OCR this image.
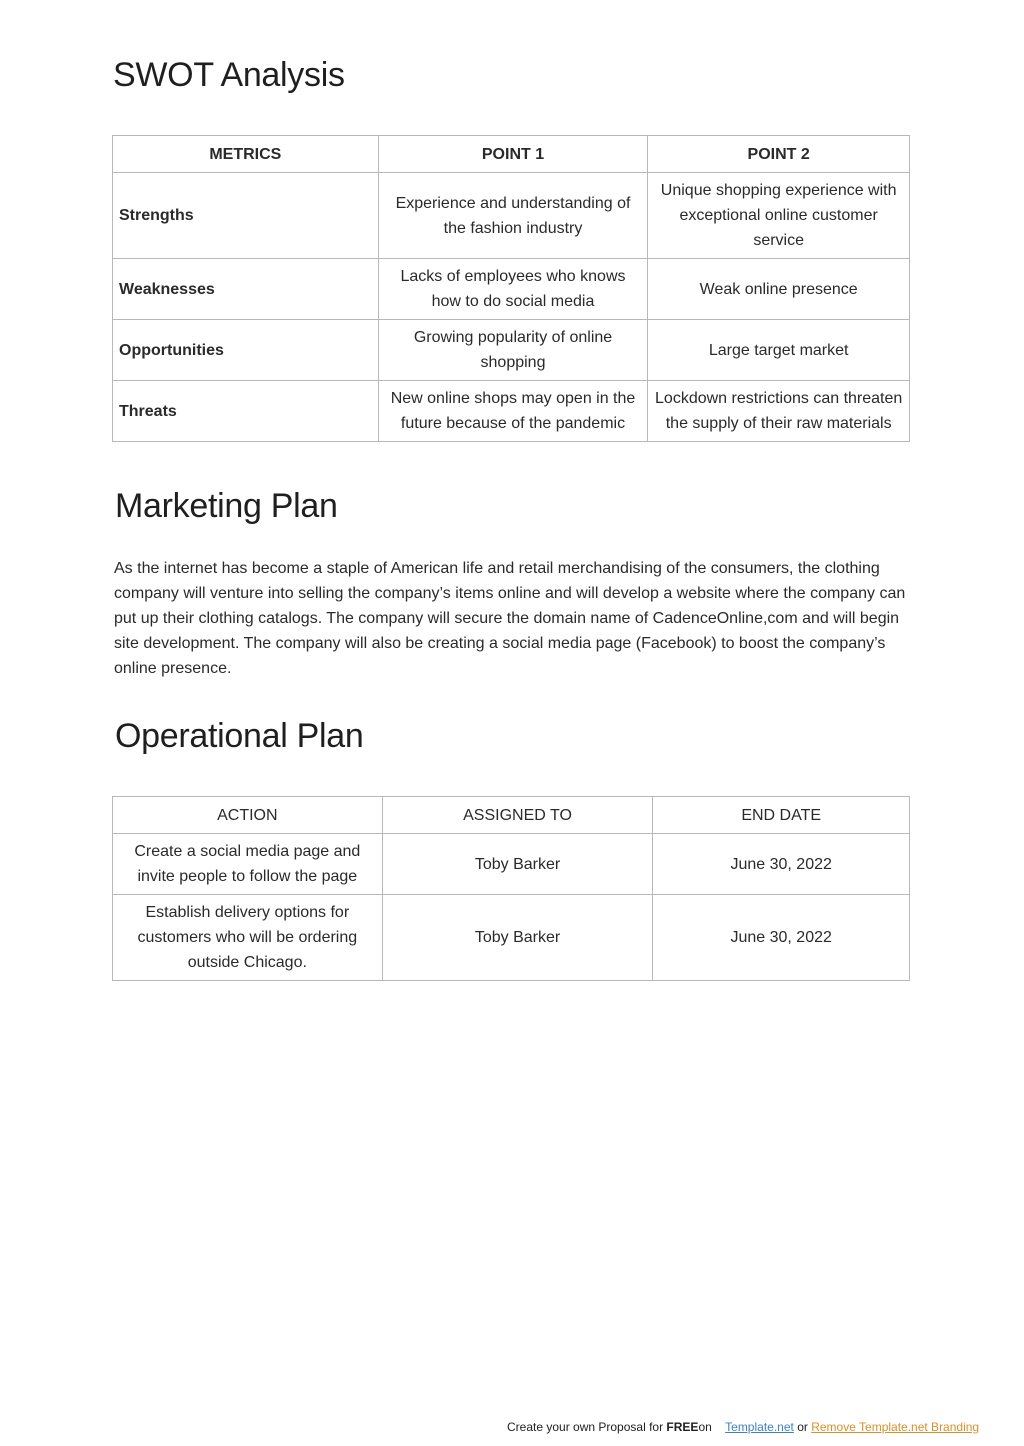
SWOT Analysis
METRICS	POINT 1	POINT 2
Strengths	Experience and understanding of the fashion industry	Unique shopping experience with exceptional online customer service
Weaknesses	Lacks of employees who knows how to do social media	Weak online presence
Opportunities	Growing popularity of online shopping	Large target market
Threats	New online shops may open in the future because of the pandemic	Lockdown restrictions can threaten the supply of their raw materials
Marketing Plan

As the internet has become a staple of American life and retail merchandising of the consumers, the clothing company will venture into selling the company’s items online and will develop a website where the company can put up their clothing catalogs. The company will secure the domain name of CadenceOnline,com and will begin site development. The company will also be creating a social media page (Facebook) to boost the company’s online presence.

Operational Plan
ACTION	ASSIGNED TO	END DATE
Create a social media page and invite people to follow the page	Toby Barker	June 30, 2022
Establish delivery options for customers who will be ordering outside Chicago.	Toby Barker	June 30, 2022
Create your own Proposal for FREEon Template.net or Remove Template.net Branding
